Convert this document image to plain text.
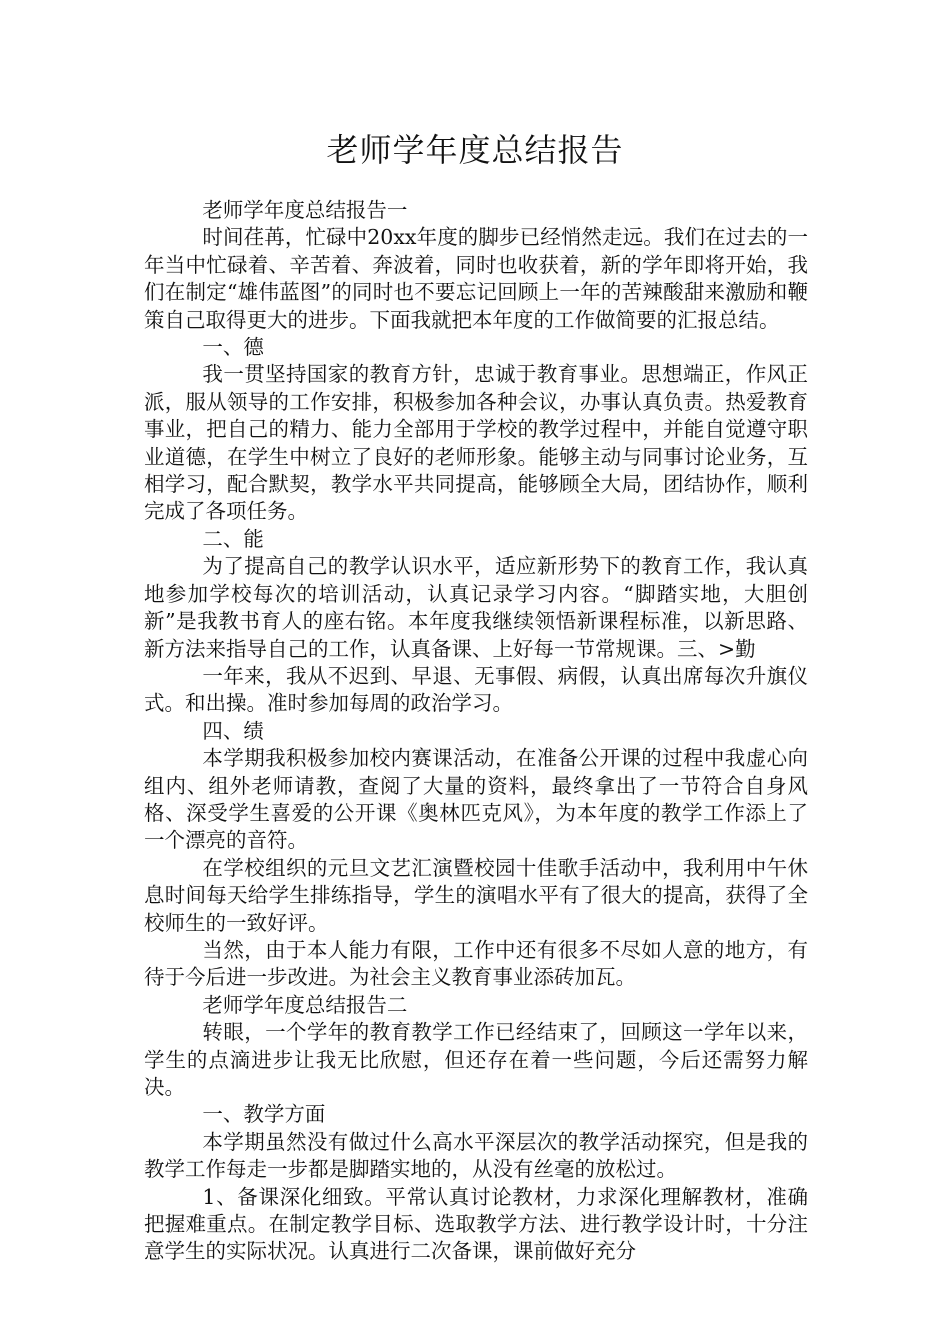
老师学年度总结报告

老师学年度总结报告一

时间荏苒，忙碌中20xx年度的脚步已经悄然走远。我们在过去的一年当中忙碌着、辛苦着、奔波着，同时也收获着，新的学年即将开始，我们在制定“雄伟蓝图”的同时也不要忘记回顾上一年的苦辣酸甜来激励和鞭策自己取得更大的进步。下面我就把本年度的工作做简要的汇报总结。

一、德

我一贯坚持国家的教育方针，忠诚于教育事业。思想端正，作风正派，服从领导的工作安排，积极参加各种会议，办事认真负责。热爱教育事业，把自己的精力、能力全部用于学校的教学过程中，并能自觉遵守职业道德，在学生中树立了良好的老师形象。能够主动与同事讨论业务，互相学习，配合默契，教学水平共同提高，能够顾全大局，团结协作，顺利完成了各项任务。

二、能

为了提高自己的教学认识水平，适应新形势下的教育工作，我认真地参加学校每次的培训活动，认真记录学习内容。“脚踏实地，大胆创新”是我教书育人的座右铭。本年度我继续领悟新课程标准，以新思路、新方法来指导自己的工作，认真备课、上好每一节常规课。三、>勤

一年来，我从不迟到、早退、无事假、病假，认真出席每次升旗仪式。和出操。准时参加每周的政治学习。

四、绩

本学期我积极参加校内赛课活动，在准备公开课的过程中我虚心向组内、组外老师请教，查阅了大量的资料，最终拿出了一节符合自身风格、深受学生喜爱的公开课《奥林匹克风》，为本年度的教学工作添上了一个漂亮的音符。

在学校组织的元旦文艺汇演暨校园十佳歌手活动中，我利用中午休息时间每天给学生排练指导，学生的演唱水平有了很大的提高，获得了全校师生的一致好评。

当然，由于本人能力有限，工作中还有很多不尽如人意的地方，有待于今后进一步改进。为社会主义教育事业添砖加瓦。

老师学年度总结报告二

转眼，一个学年的教育教学工作已经结束了，回顾这一学年以来，学生的点滴进步让我无比欣慰，但还存在着一些问题，今后还需努力解决。

一、教学方面

本学期虽然没有做过什么高水平深层次的教学活动探究，但是我的教学工作每走一步都是脚踏实地的，从没有丝毫的放松过。

1、备课深化细致。平常认真讨论教材，力求深化理解教材，准确把握难重点。在制定教学目标、选取教学方法、进行教学设计时，十分注意学生的实际状况。认真进行二次备课，课前做好充分
